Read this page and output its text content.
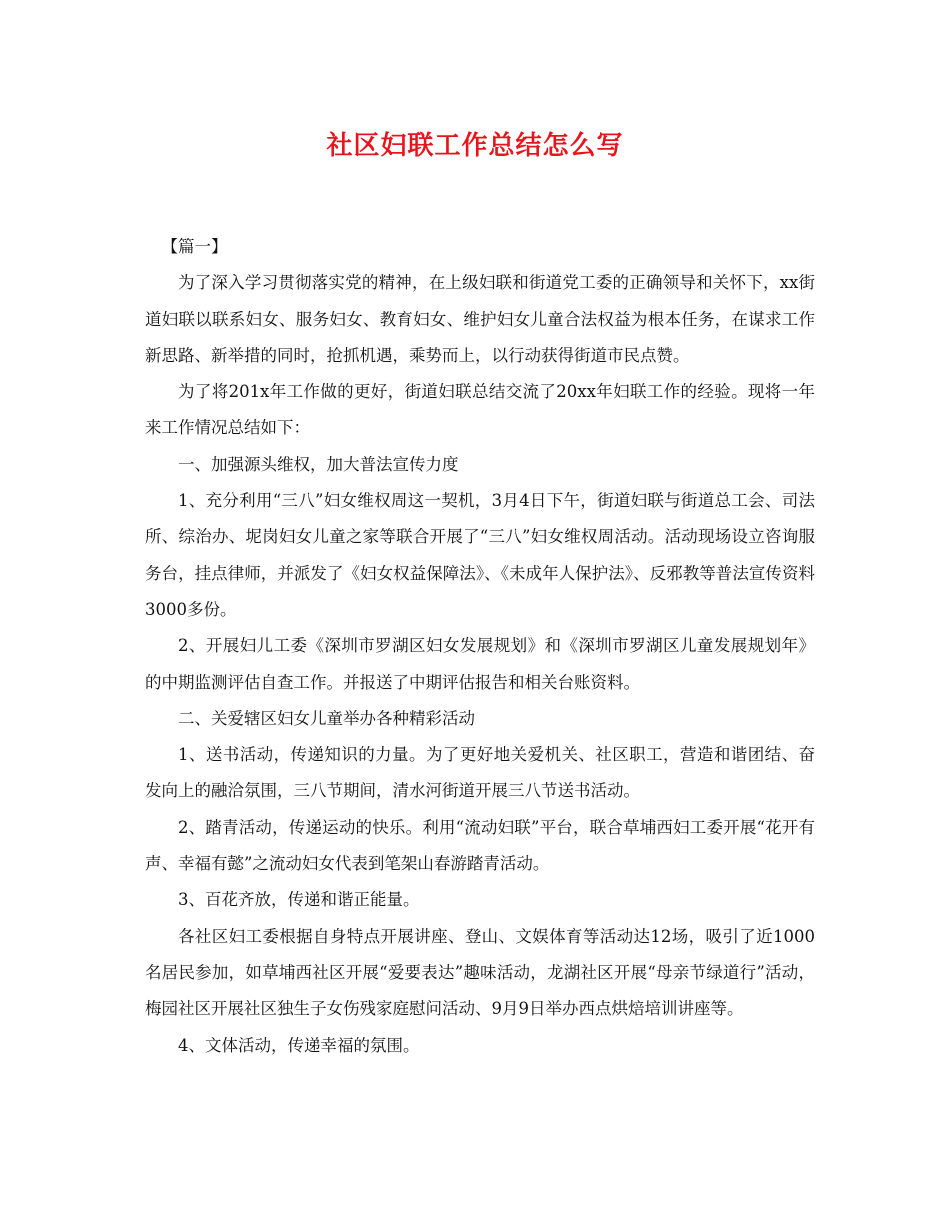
社区妇联工作总结怎么写

【篇一】

为了深入学习贯彻落实党的精神，在上级妇联和街道党工委的正确领导和关怀下，xx街道妇联以联系妇女、服务妇女、教育妇女、维护妇女儿童合法权益为根本任务，在谋求工作新思路、新举措的同时，抢抓机遇，乘势而上，以行动获得街道市民点赞。

为了将201x年工作做的更好，街道妇联总结交流了20xx年妇联工作的经验。现将一年来工作情况总结如下：

一、加强源头维权，加大普法宣传力度

1、充分利用“三八”妇女维权周这一契机，3月4日下午，街道妇联与街道总工会、司法所、综治办、坭岗妇女儿童之家等联合开展了“三八”妇女维权周活动。活动现场设立咨询服务台，挂点律师，并派发了《妇女权益保障法》、《未成年人保护法》、反邪教等普法宣传资料3000多份。

2、开展妇儿工委《深圳市罗湖区妇女发展规划》和《深圳市罗湖区儿童发展规划年》的中期监测评估自查工作。并报送了中期评估报告和相关台账资料。

二、关爱辖区妇女儿童举办各种精彩活动

1、送书活动，传递知识的力量。为了更好地关爱机关、社区职工，营造和谐团结、奋发向上的融洽氛围，三八节期间，清水河街道开展三八节送书活动。

2、踏青活动，传递运动的快乐。利用“流动妇联”平台，联合草埔西妇工委开展“花开有声、幸福有懿”之流动妇女代表到笔架山春游踏青活动。

3、百花齐放，传递和谐正能量。

各社区妇工委根据自身特点开展讲座、登山、文娱体育等活动达12场，吸引了近1000名居民参加，如草埔西社区开展“爱要表达”趣味活动，龙湖社区开展“母亲节绿道行”活动，梅园社区开展社区独生子女伤残家庭慰问活动、9月9日举办西点烘焙培训讲座等。

4、文体活动，传递幸福的氛围。
